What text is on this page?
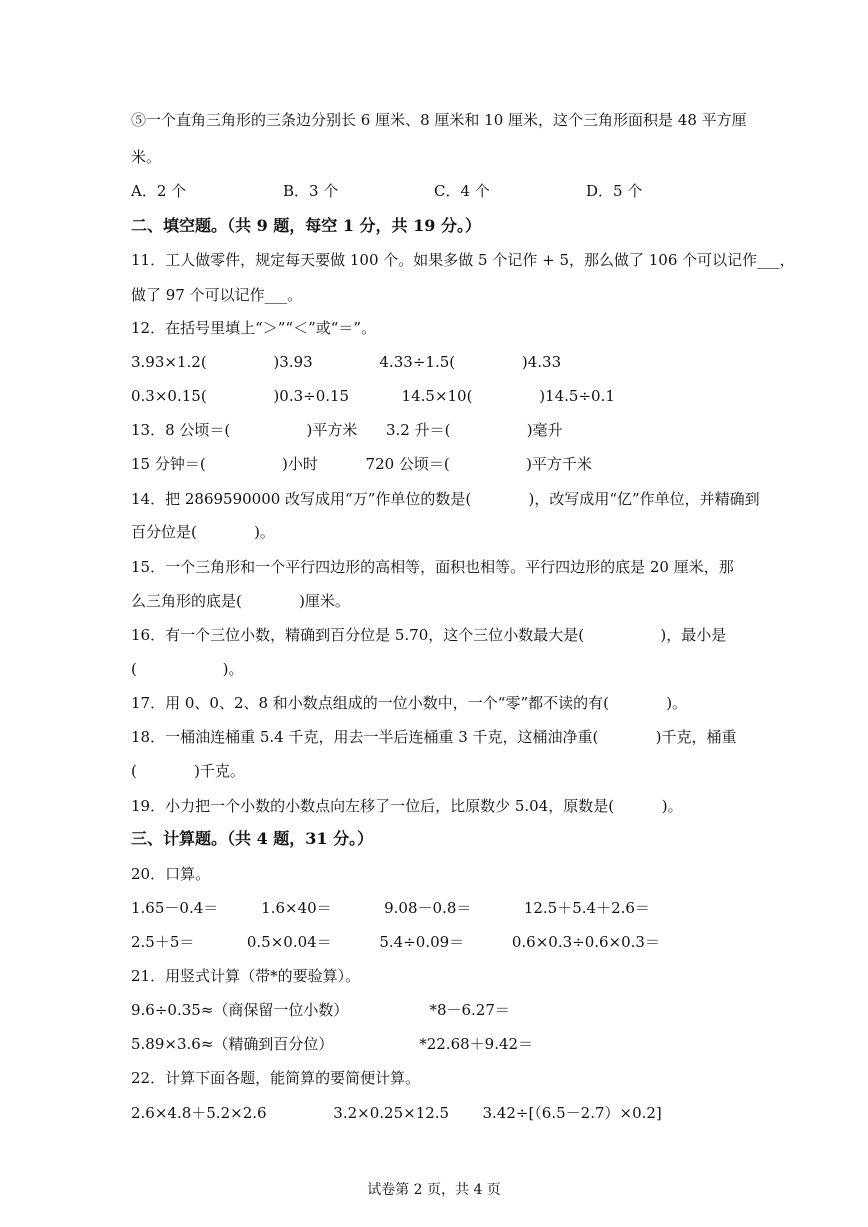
⑤一个直角三角形的三条边分别长 6 厘米、8 厘米和 10 厘米，这个三角形面积是 48 平方厘
米。
A．2 个	B．3 个	C．4 个	D．5 个
二、填空题。（共 9 题，每空 1 分，共 19 分。）
11．工人做零件，规定每天要做 100 个。如果多做 5 个记作 + 5，那么做了 106 个可以记作___，
做了 97 个可以记作___。
12．在括号里填上“＞”“＜”或“＝”。
3.93×1.2(              )3.93              4.33÷1.5(              )4.33
0.3×0.15(              )0.3÷0.15           14.5×10(              )14.5÷0.1
13．8 公顷＝(                )平方米      3.2 升＝(                )毫升
15 分钟＝(                )小时          720 公顷＝(                )平方千米
14．把 2869590000 改写成用“万”作单位的数是(            )，改写成用“亿”作单位，并精确到
百分位是(            )。
15．一个三角形和一个平行四边形的高相等，面积也相等。平行四边形的底是 20 厘米，那
么三角形的底是(            )厘米。
16．有一个三位小数，精确到百分位是 5.70，这个三位小数最大是(                )，最小是
(                  )。
17．用 0、0、2、8 和小数点组成的一位小数中，一个“零”都不读的有(            )。
18．一桶油连桶重 5.4 千克，用去一半后连桶重 3 千克，这桶油净重(            )千克，桶重
(            )千克。
19．小力把一个小数的小数点向左移了一位后，比原数少 5.04，原数是(          )。
三、计算题。（共 4 题，31 分。）
20．口算。
1.65－0.4＝         1.6×40＝           9.08－0.8＝           12.5＋5.4＋2.6＝
2.5＋5＝           0.5×0.04＝          5.4÷0.09＝          0.6×0.3÷0.6×0.3＝
21．用竖式计算（带*的要验算）。
9.6÷0.35≈（商保留一位小数）                 *8－6.27＝
5.89×3.6≈（精确到百分位）                  *22.68＋9.42＝
22．计算下面各题，能简算的要简便计算。
2.6×4.8＋5.2×2.6              3.2×0.25×12.5       3.42÷[（6.5－2.7）×0.2]
试卷第 2 页，共 4 页
